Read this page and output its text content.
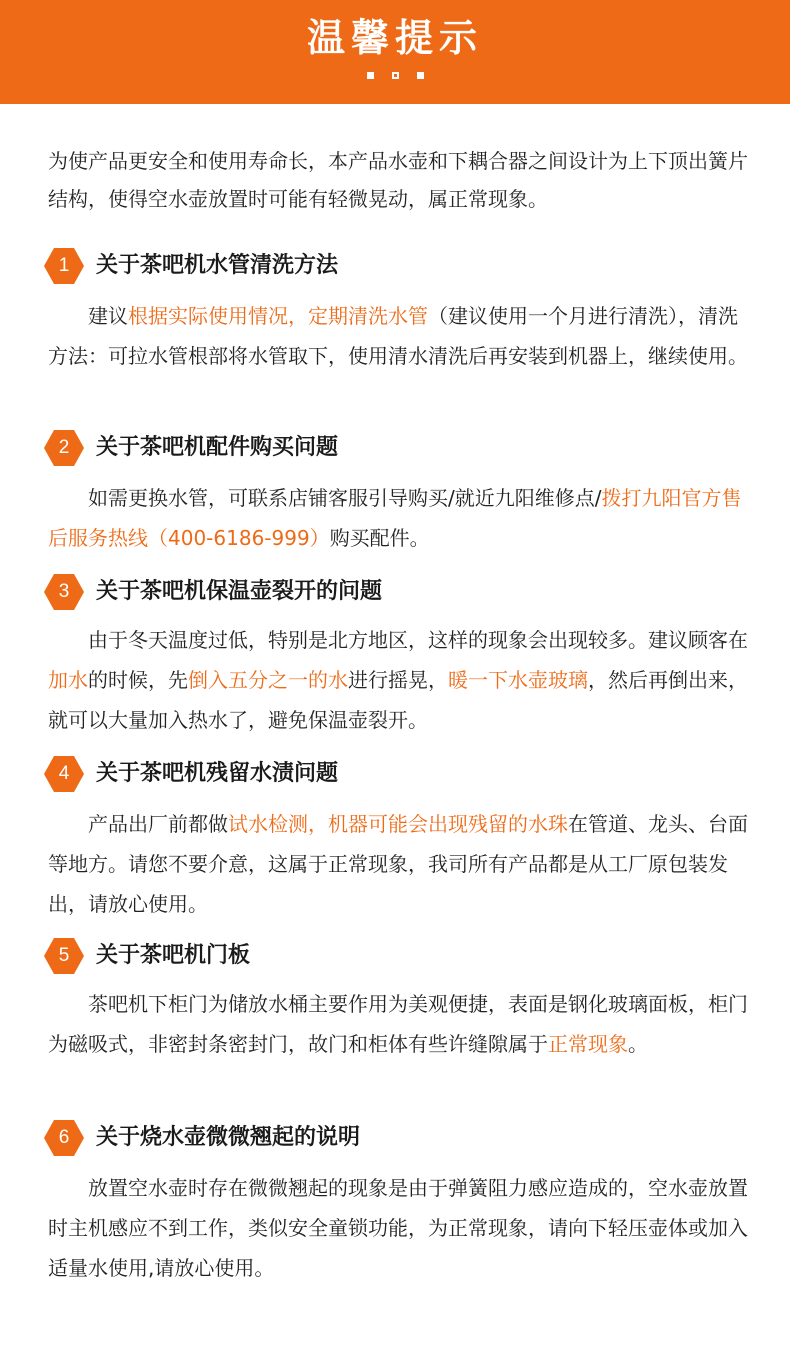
温馨提示
为使产品更安全和使用寿命长，本产品水壶和下耦合器之间设计为上下顶出簧片结构，使得空水壶放置时可能有轻微晃动，属正常现象。
1	关于茶吧机水管清洗方法
建议根据实际使用情况，定期清洗水管（建议使用一个月进行清洗），清洗方法：可拉水管根部将水管取下，使用清水清洗后再安装到机器上，继续使用。
2	关于茶吧机配件购买问题
如需更换水管，可联系店铺客服引导购买/就近九阳维修点/拨打九阳官方售后服务热线（400-6186-999）购买配件。
3	关于茶吧机保温壶裂开的问题
由于冬天温度过低，特别是北方地区，这样的现象会出现较多。建议顾客在加水的时候，先倒入五分之一的水进行摇晃，暖一下水壶玻璃，然后再倒出来，就可以大量加入热水了，避免保温壶裂开。
4	关于茶吧机残留水渍问题
产品出厂前都做试水检测，机器可能会出现残留的水珠在管道、龙头、台面等地方。请您不要介意，这属于正常现象，我司所有产品都是从工厂原包装发出，请放心使用。
5	关于茶吧机门板
茶吧机下柜门为储放水桶主要作用为美观便捷，表面是钢化玻璃面板，柜门为磁吸式，非密封条密封门，故门和柜体有些许缝隙属于正常现象。
6	关于烧水壶微微翘起的说明
放置空水壶时存在微微翘起的现象是由于弹簧阻力感应造成的，空水壶放置时主机感应不到工作，类似安全童锁功能，为正常现象，请向下轻压壶体或加入适量水使用,请放心使用。
